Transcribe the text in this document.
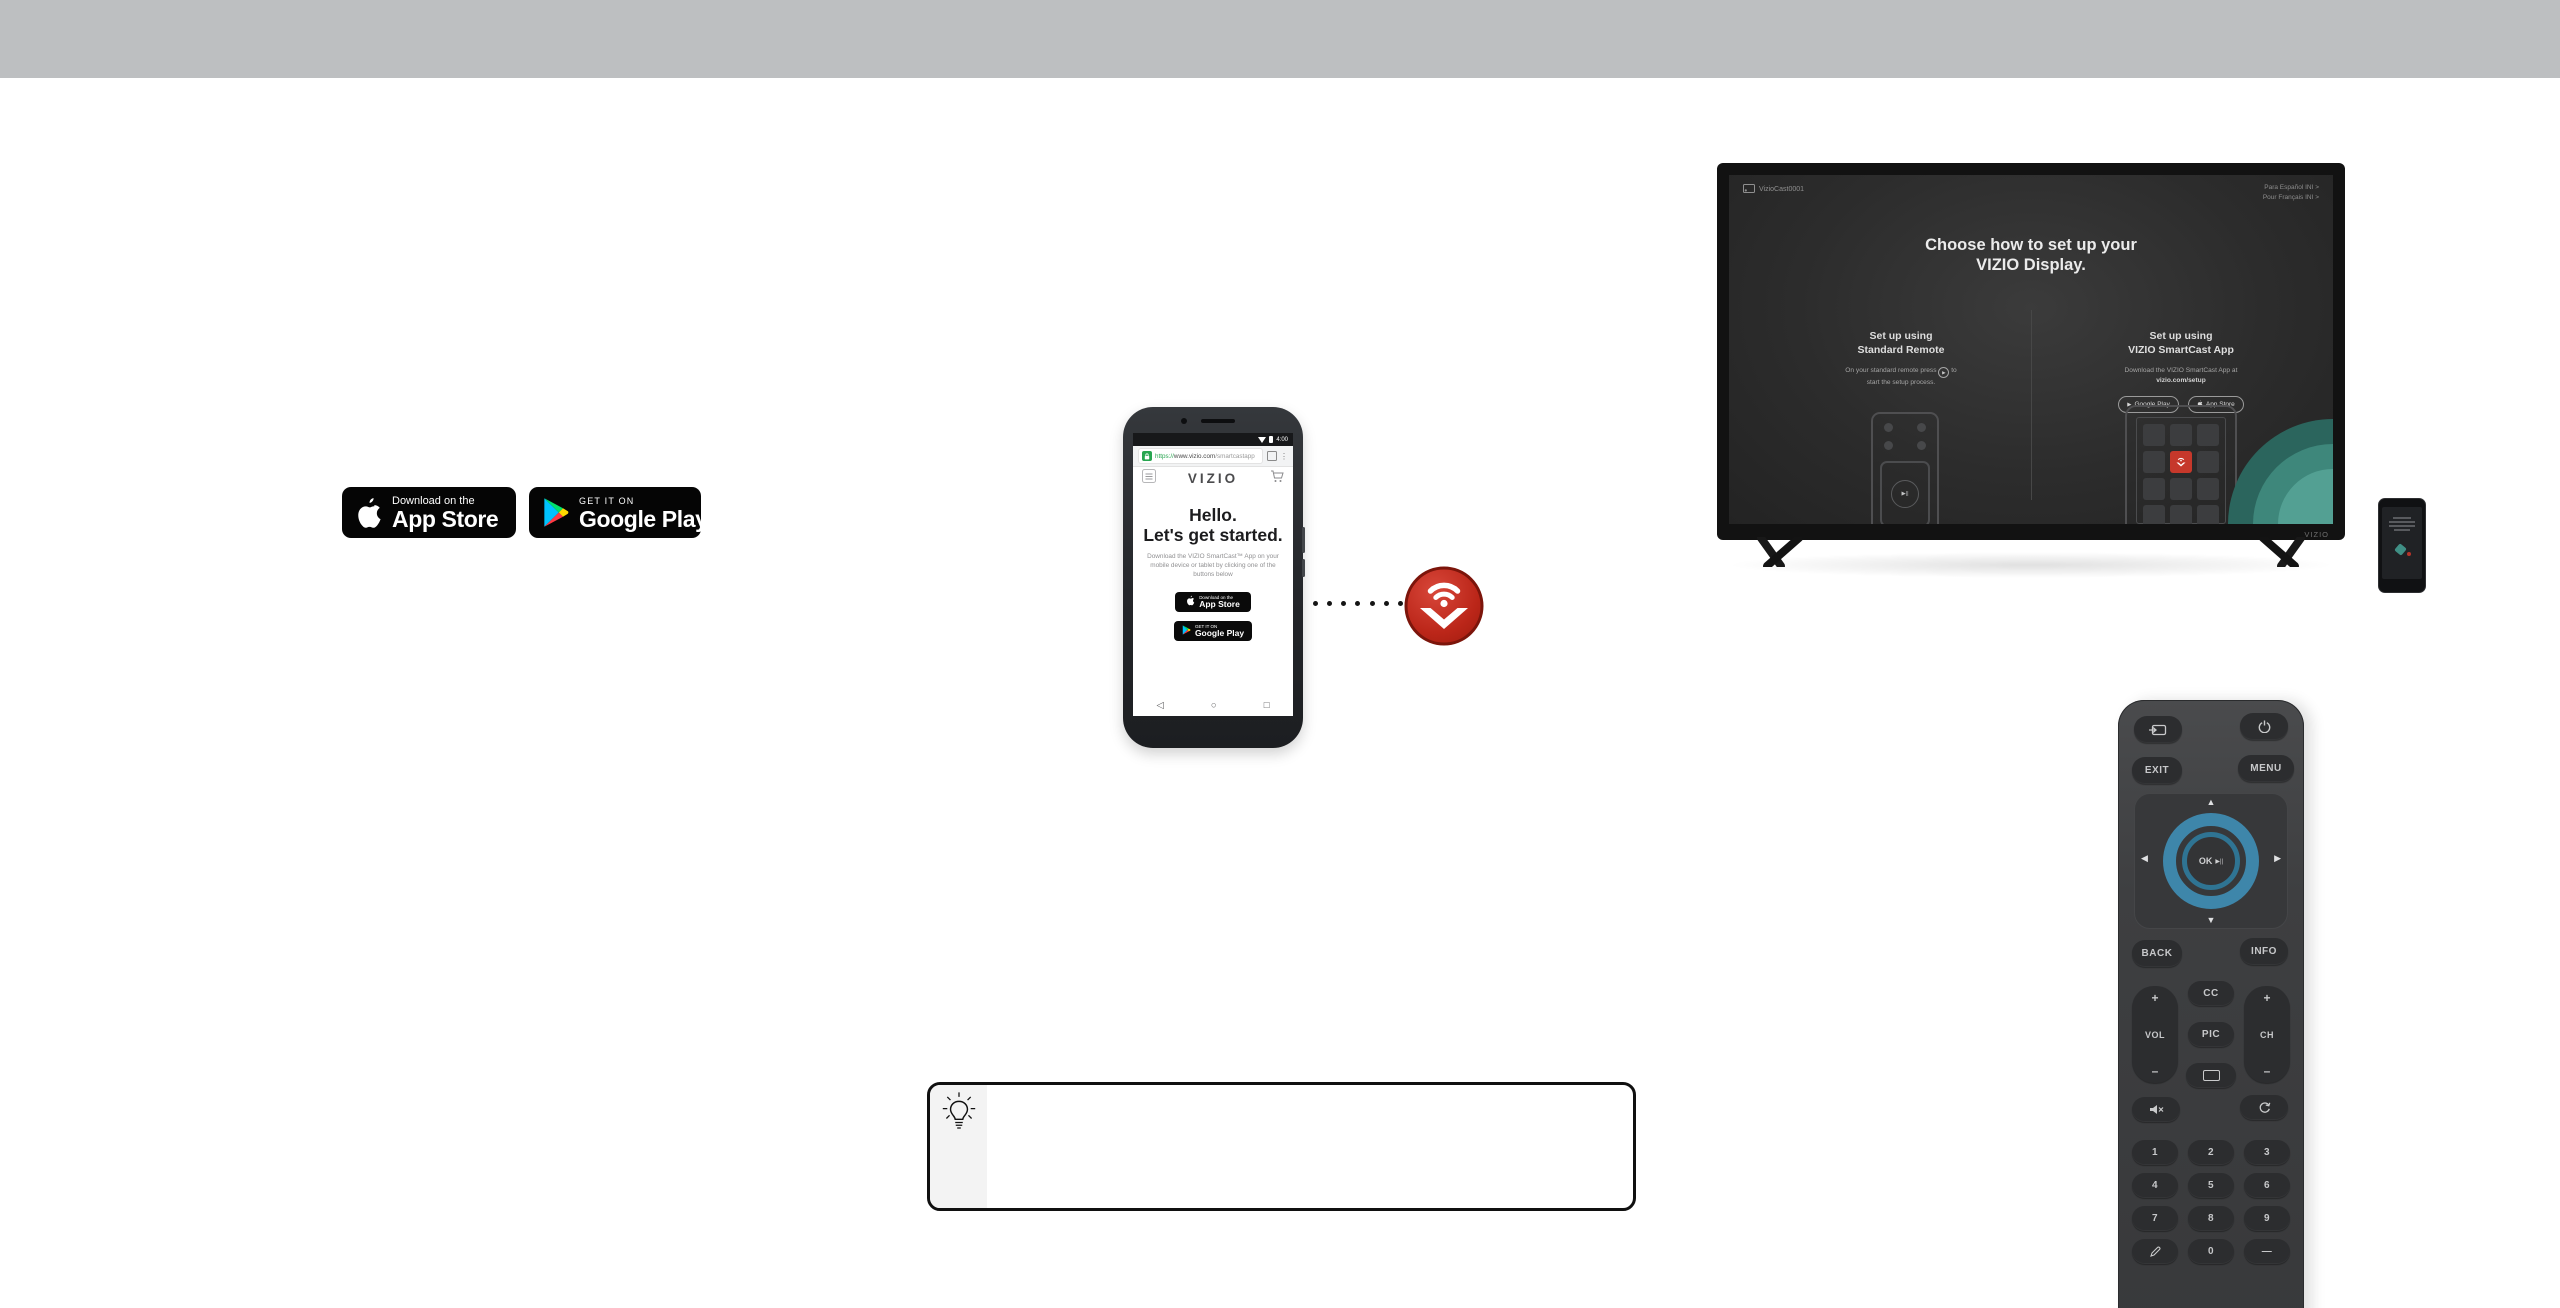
Download on the
App Store
GET IT ON
Google Play
4:00
https://www.vizio.com/smartcastapp	⋮
VIZIO
Hello.
Let's get started.
Download the VIZIO SmartCast™ App on your
mobile device or tablet by clicking one of the
buttons below
Download on the
App Store
GET IT ON
Google Play
◁	○	□
VizioCast0001	Para Español INI >
Pour Français INI >
Choose how to set up your
VIZIO Display.
Set up using
Standard Remote
On your standard remote press ▶ to
start the setup process.
Set up using
VIZIO SmartCast App
Download the VIZIO SmartCast App at
vizio.com/setup
▶ Google Play	App Store
▶||
VIZIO
EXIT	MENU
▲
▼
◀	▶
OK ▶||
BACK	INFO
CC
+
VOL
–
PIC
+
CH
–
1	2	3
4	5	6
7	8	9
0	—
